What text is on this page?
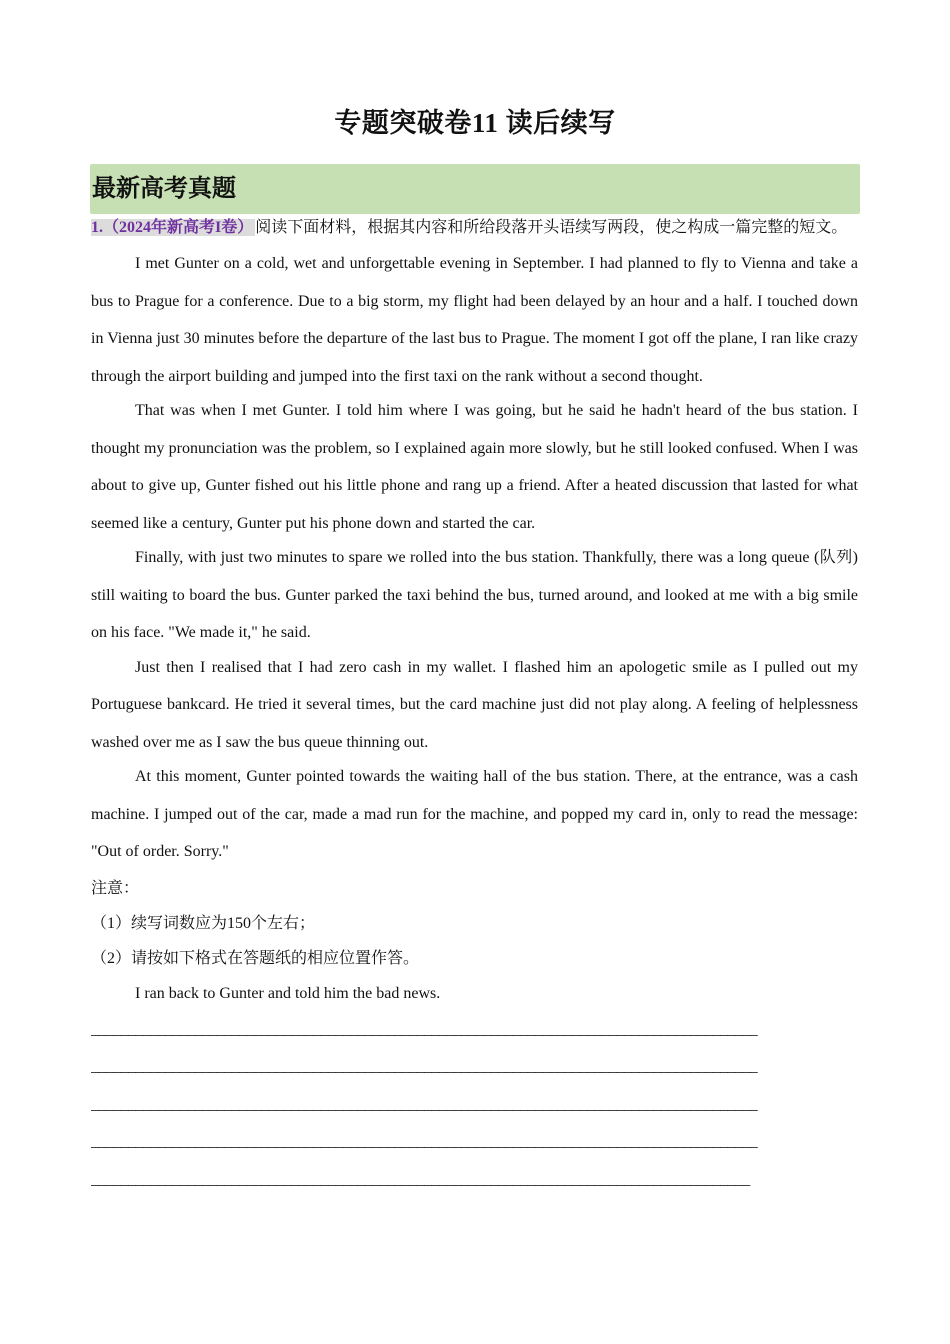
专题突破卷11 读后续写
最新高考真题

1.（2024年新高考I卷） 阅读下面材料，根据其内容和所给段落开头语续写两段，使之构成一篇完整的短文。

I met Gunter on a cold, wet and unforgettable evening in September. I had planned to fly to Vienna and take a bus to Prague for a conference. Due to a big storm, my flight had been delayed by an hour and a half. I touched down in Vienna just 30 minutes before the departure of the last bus to Prague. The moment I got off the plane, I ran like crazy through the airport building and jumped into the first taxi on the rank without a second thought.

That was when I met Gunter. I told him where I was going, but he said he hadn't heard of the bus station. I thought my pronunciation was the problem, so I explained again more slowly, but he still looked confused. When I was about to give up, Gunter fished out his little phone and rang up a friend. After a heated discussion that lasted for what seemed like a century, Gunter put his phone down and started the car.

Finally, with just two minutes to spare we rolled into the bus station. Thankfully, there was a long queue (队列) still waiting to board the bus. Gunter parked the taxi behind the bus, turned around, and looked at me with a big smile on his face. "We made it," he said.

Just then I realised that I had zero cash in my wallet. I flashed him an apologetic smile as I pulled out my Portuguese bankcard. He tried it several times, but the card machine just did not play along. A feeling of helplessness washed over me as I saw the bus queue thinning out.

At this moment, Gunter pointed towards the waiting hall of the bus station. There, at the entrance, was a cash machine. I jumped out of the car, made a mad run for the machine, and popped my card in, only to read the message: "Out of order. Sorry."

注意：

（1）续写词数应为150个左右；

（2）请按如下格式在答题纸的相应位置作答。

I ran back to Gunter and told him the bad news.

__________________________________________________________________________________________

__________________________________________________________________________________________

__________________________________________________________________________________________

__________________________________________________________________________________________

_________________________________________________________________________________________
